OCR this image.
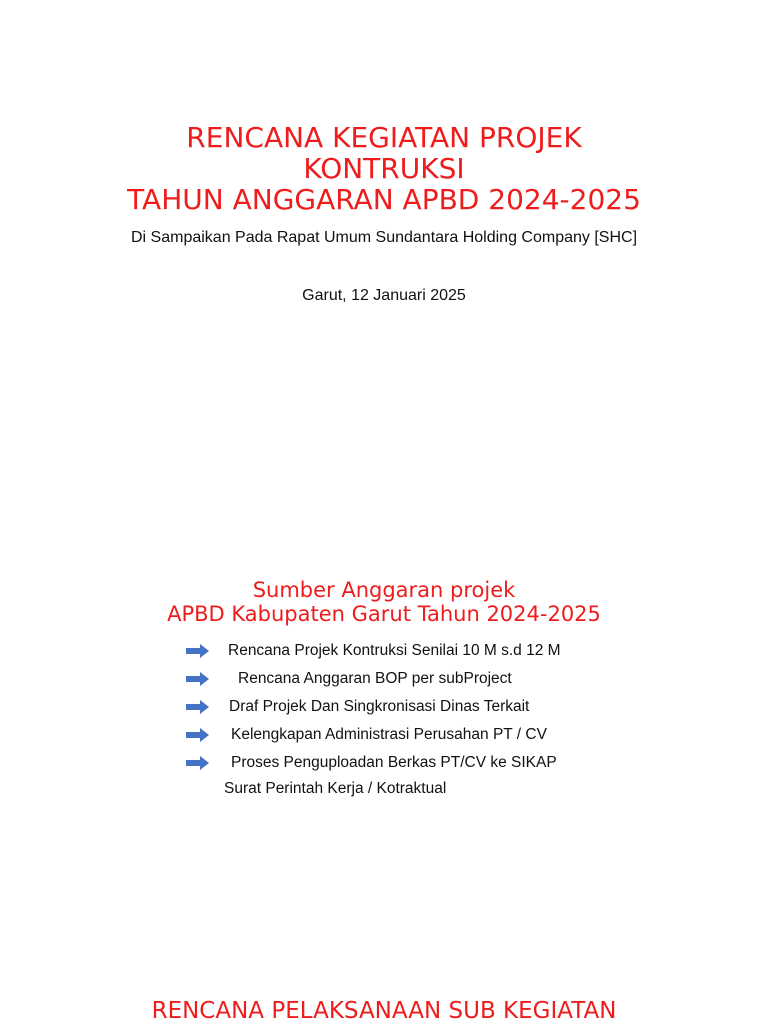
RENCANA KEGIATAN PROJEK
KONTRUKSI
TAHUN ANGGARAN APBD 2024-2025
Di Sampaikan Pada Rapat Umum Sundantara Holding Company [SHC]
Garut, 12 Januari 2025
Sumber Anggaran projek
APBD Kabupaten Garut Tahun 2024-2025
Rencana Projek Kontruksi Senilai 10 M s.d 12 M
Rencana Anggaran BOP per subProject
Draf Projek Dan Singkronisasi Dinas Terkait
Kelengkapan Administrasi Perusahan PT / CV
Proses Penguploadan Berkas PT/CV ke SIKAP
Surat Perintah Kerja / Kotraktual
RENCANA PELAKSANAAN SUB KEGIATAN
